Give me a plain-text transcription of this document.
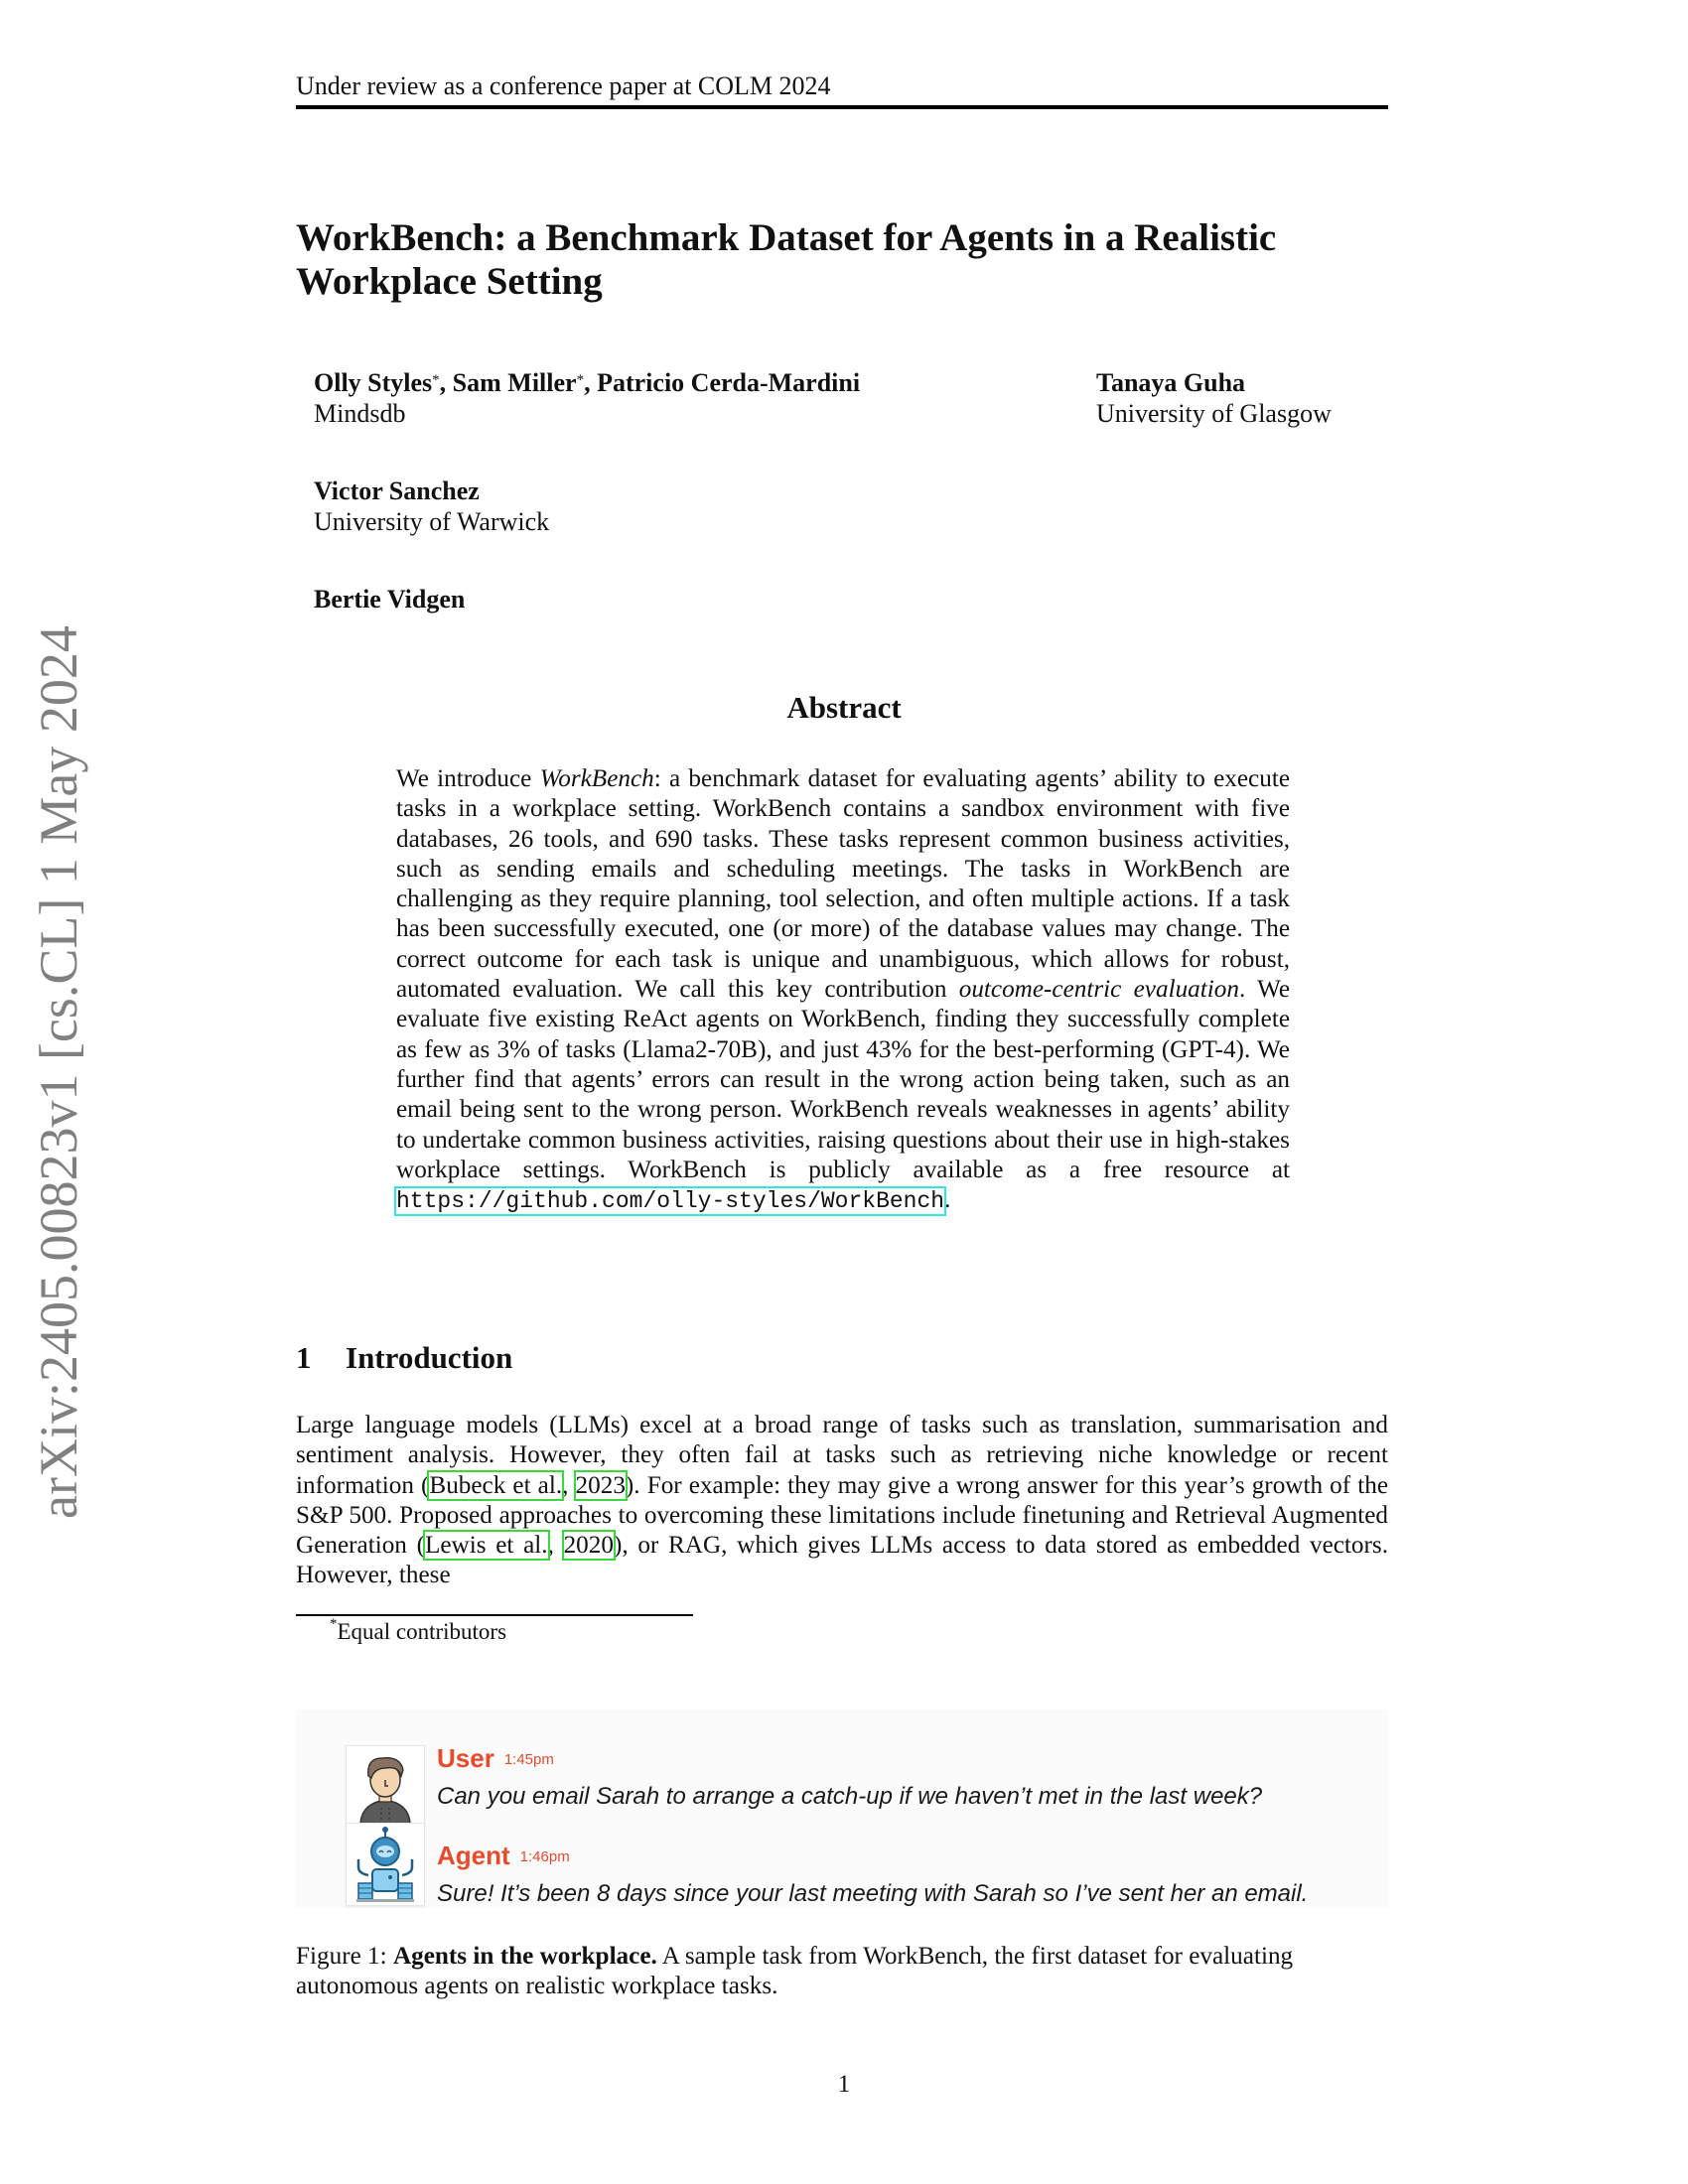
Under review as a conference paper at COLM 2024
arXiv:2405.00823v1 [cs.CL] 1 May 2024
WorkBench: a Benchmark Dataset for Agents in a Realistic Workplace Setting
Olly Styles*, Sam Miller*, Patricio Cerda-Mardini
Mindsdb
Tanaya Guha
University of Glasgow
Victor Sanchez
University of Warwick
Bertie Vidgen
Abstract
We introduce WorkBench: a benchmark dataset for evaluating agents’ ability to execute tasks in a workplace setting. WorkBench contains a sandbox environment with five databases, 26 tools, and 690 tasks. These tasks represent common business activities, such as sending emails and scheduling meetings. The tasks in WorkBench are challenging as they require planning, tool selection, and often multiple actions. If a task has been successfully executed, one (or more) of the database values may change. The correct outcome for each task is unique and unambiguous, which allows for robust, automated evaluation. We call this key contribution outcome-centric evaluation. We evaluate five existing ReAct agents on WorkBench, finding they successfully complete as few as 3% of tasks (Llama2-70B), and just 43% for the best-performing (GPT-4). We further find that agents’ errors can result in the wrong action being taken, such as an email being sent to the wrong person. WorkBench reveals weaknesses in agents’ ability to undertake common business activities, raising questions about their use in high-stakes workplace settings. WorkBench is publicly available as a free resource at https://github.com/olly-styles/WorkBench.
1 Introduction
Large language models (LLMs) excel at a broad range of tasks such as translation, summarisation and sentiment analysis. However, they often fail at tasks such as retrieving niche knowledge or recent information (Bubeck et al., 2023). For example: they may give a wrong answer for this year’s growth of the S&P 500. Proposed approaches to overcoming these limitations include finetuning and Retrieval Augmented Generation (Lewis et al., 2020), or RAG, which gives LLMs access to data stored as embedded vectors. However, these
*Equal contributors
User 1:45pm
Can you email Sarah to arrange a catch-up if we haven’t met in the last week?
Agent 1:46pm
Sure! It’s been 8 days since your last meeting with Sarah so I’ve sent her an email.
Figure 1: Agents in the workplace. A sample task from WorkBench, the first dataset for evaluating autonomous agents on realistic workplace tasks.
1
